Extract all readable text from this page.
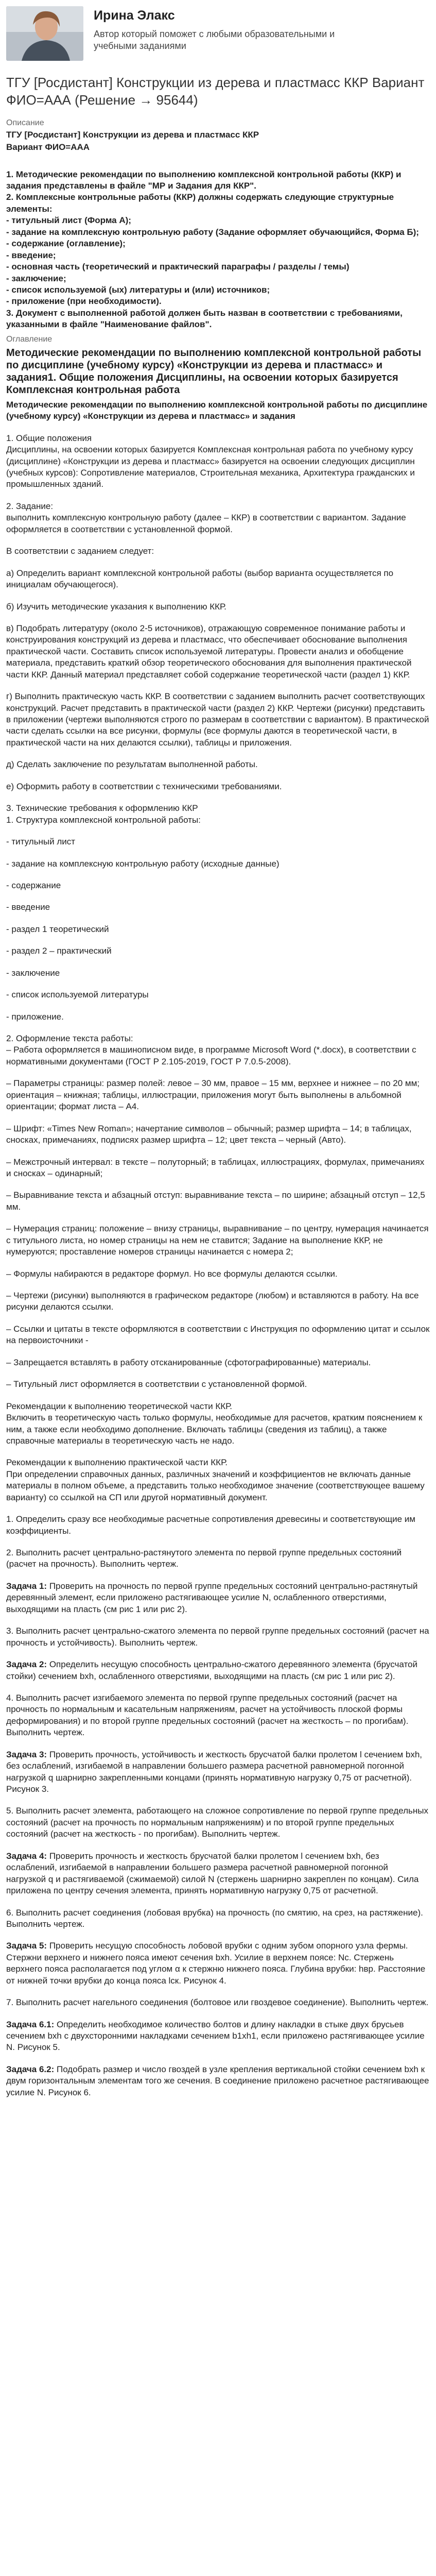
Ирина Элакс
Автор который поможет с любыми образовательными и учебными заданиями
ТГУ [Росдистант] Конструкции из дерева и пластмасс ККР Вариант ФИО=ААА (Решение → 95644)

Описание

ТГУ [Росдистант] Конструкции из дерева и пластмасс ККР

Вариант ФИО=ААА

1. Методические рекомендации по выполнению комплексной контрольной работы (ККР) и задания представлены в файле "МР и Задания для ККР".

2. Комплексные контрольные работы (ККР) должны содержать следующие структурные элементы:

- титульный лист (Форма А);

- задание на комплексную контрольную работу (Задание оформляет обучающийся, Форма Б);

- содержание (оглавление);

- введение;

- основная часть (теоретический и практический параграфы / разделы / темы)

- заключение;

- список используемой (ых) литературы и (или) источников;

- приложение (при необходимости).

3. Документ с выполненной работой должен быть назван в соответствии с требованиями, указанными в файле "Наименование файлов".

Оглавление

Методические рекомендации по выполнению комплексной контрольной работы по дисциплине (учебному курсу) «Конструкции из дерева и пластмасс» и задания1. Общие положения Дисциплины, на освоении которых базируется Комплексная контрольная работа

Методические рекомендации по выполнению комплексной контрольной работы по дисциплине (учебному курсу) «Конструкции из дерева и пластмасс» и задания

1. Общие положения
Дисциплины, на освоении которых базируется Комплексная контрольная работа по учебному курсу (дисциплине) «Конструкции из дерева и пластмасс» базируется на освоении следующих дисциплин (учебных курсов): Сопротивление материалов, Строительная механика, Архитектура гражданских и промышленных зданий.

2. Задание:
выполнить комплексную контрольную работу (далее – ККР) в соответствии с вариантом. Задание оформляется в соответствии с установленной формой.

В соответствии с заданием следует:

а) Определить вариант комплексной контрольной работы (выбор варианта осуществляется по инициалам обучающегося).

б) Изучить методические указания к выполнению ККР.

в) Подобрать литературу (около 2-5 источников), отражающую современное понимание работы и конструирования конструкций из дерева и пластмасс, что обеспечивает обоснование выполнения практической части. Составить список используемой литературы. Провести анализ и обобщение материала, представить краткий обзор теоретического обоснования для выполнения практической части ККР. Данный материал представляет собой содержание теоретической части (раздел 1) ККР.

г) Выполнить практическую часть ККР. В соответствии с заданием выполнить расчет соответствующих конструкций. Расчет представить в практической части (раздел 2) ККР. Чертежи (рисунки) представить в приложении (чертежи выполняются строго по размерам в соответствии с вариантом). В практической части сделать ссылки на все рисунки, формулы (все формулы даются в теоретической части, в практической части на них делаются ссылки), таблицы и приложения.

д) Сделать заключение по результатам выполненной работы.

е) Оформить работу в соответствии с техническими требованиями.

3. Технические требования к оформлению ККР
1. Структура комплексной контрольной работы:

- титульный лист

- задание на комплексную контрольную работу (исходные данные)

- содержание

- введение

- раздел 1 теоретический

- раздел 2 – практический

- заключение

- список используемой литературы

- приложение.

2. Оформление текста работы:
– Работа оформляется в машинописном виде, в программе Microsoft Word (*.docx), в соответствии с нормативными документами (ГОСТ Р 2.105-2019, ГОСТ Р 7.0.5-2008).

– Параметры страницы: размер полей: левое – 30 мм, правое – 15 мм, верхнее и нижнее – по 20 мм; ориентация – книжная; таблицы, иллюстрации, приложения могут быть выполнены в альбомной ориентации; формат листа – А4.

– Шрифт: «Times New Roman»; начертание символов – обычный; размер шрифта – 14; в таблицах, сносках, примечаниях, подписях размер шрифта – 12; цвет текста – черный (Авто).

– Межстрочный интервал: в тексте – полуторный; в таблицах, иллюстрациях, формулах, примечаниях и сносках – одинарный;

– Выравнивание текста и абзацный отступ: выравнивание текста – по ширине; абзацный отступ – 12,5 мм.

– Нумерация страниц: положение – внизу страницы, выравнивание – по центру, нумерация начинается с титульного листа, но номер страницы на нем не ставится; Задание на выполнение ККР, не нумеруются; проставление номеров страницы начинается с номера 2;

– Формулы набираются в редакторе формул. Но все формулы делаются ссылки.

– Чертежи (рисунки) выполняются в графическом редакторе (любом) и вставляются в работу. На все рисунки делаются ссылки.

– Ссылки и цитаты в тексте оформляются в соответствии с Инструкция по оформлению цитат и ссылок на первоисточники -

– Запрещается вставлять в работу отсканированные (сфотографированные) материалы.

– Титульный лист оформляется в соответствии с установленной формой.

Рекомендации к выполнению теоретической части ККР.
Включить в теоретическую часть только формулы, необходимые для расчетов, кратким пояснением к ним, а также если необходимо дополнение. Включать таблицы (сведения из таблиц), а также справочные материалы в теоретическую часть не надо.

Рекомендации к выполнению практической части ККР.
При определении справочных данных, различных значений и коэффициентов не включать данные материалы в полном объеме, а представить только необходимое значение (соответствующее вашему варианту) со ссылкой на СП или другой нормативный документ.

1. Определить сразу все необходимые расчетные сопротивления древесины и соответствующие им коэффициенты.

2. Выполнить расчет центрально-растянутого элемента по первой группе предельных состояний (расчет на прочность). Выполнить чертеж.

Задача 1: Проверить на прочность по первой группе предельных состояний центрально-растянутый деревянный элемент, если приложено растягивающее усилие N, ослабленного отверстиями, выходящими на пласть (см рис 1 или рис 2).

3. Выполнить расчет центрально-сжатого элемента по первой группе предельных состояний (расчет на прочность и устойчивость). Выполнить чертеж.

Задача 2: Определить несущую способность центрально-сжатого деревянного элемента (брусчатой стойки) сечением bxh, ослабленного отверстиями, выходящими на пласть (см рис 1 или рис 2).

4. Выполнить расчет изгибаемого элемента по первой группе предельных состояний (расчет на прочность по нормальным и касательным напряжениям, расчет на устойчивость плоской формы деформирования) и по второй группе предельных состояний (расчет на жесткость – по прогибам). Выполнить чертеж.

Задача 3: Проверить прочность, устойчивость и жесткость брусчатой балки пролетом l сечением bxh, без ослаблений, изгибаемой в направлении большего размера расчетной равномерной погонной нагрузкой q шарнирно закрепленными концами (принять нормативную нагрузку 0,75 от расчетной). Рисунок 3.

5. Выполнить расчет элемента, работающего на сложное сопротивление по первой группе предельных состояний (расчет на прочность по нормальным напряжениям) и по второй группе предельных состояний (расчет на жесткость - по прогибам). Выполнить чертеж.

Задача 4: Проверить прочность и жесткость брусчатой балки пролетом l сечением bxh, без ослаблений, изгибаемой в направлении большего размера расчетной равномерной погонной нагрузкой q и растягиваемой (сжимаемой) силой N (стержень шарнирно закреплен по концам). Сила приложена по центру сечения элемента, принять нормативную нагрузку 0,75 от расчетной.

6. Выполнить расчет соединения (лобовая врубка) на прочность (по смятию, на срез, на растяжение). Выполнить чертеж.

Задача 5: Проверить несущую способность лобовой врубки с одним зубом опорного узла фермы. Стержни верхнего и нижнего пояса имеют сечения bxh. Усилие в верхнем поясе: Nc. Стержень верхнего пояса располагается под углом α к стержню нижнего пояса. Глубина врубки: hвр. Расстояние от нижней точки врубки до конца пояса lск. Рисунок 4.

7. Выполнить расчет нагельного соединения (болтовое или гвоздевое соединение). Выполнить чертеж.

Задача 6.1: Определить необходимое количество болтов и длину накладки в стыке двух брусьев сечением bxh с двухсторонними накладками сечением b1xh1, если приложено растягивающее усилие N. Рисунок 5.

Задача 6.2: Подобрать размер и число гвоздей в узле крепления вертикальной стойки сечением bxh к двум горизонтальным элементам того же сечения. В соединение приложено расчетное растягивающее усилие N. Рисунок 6.
